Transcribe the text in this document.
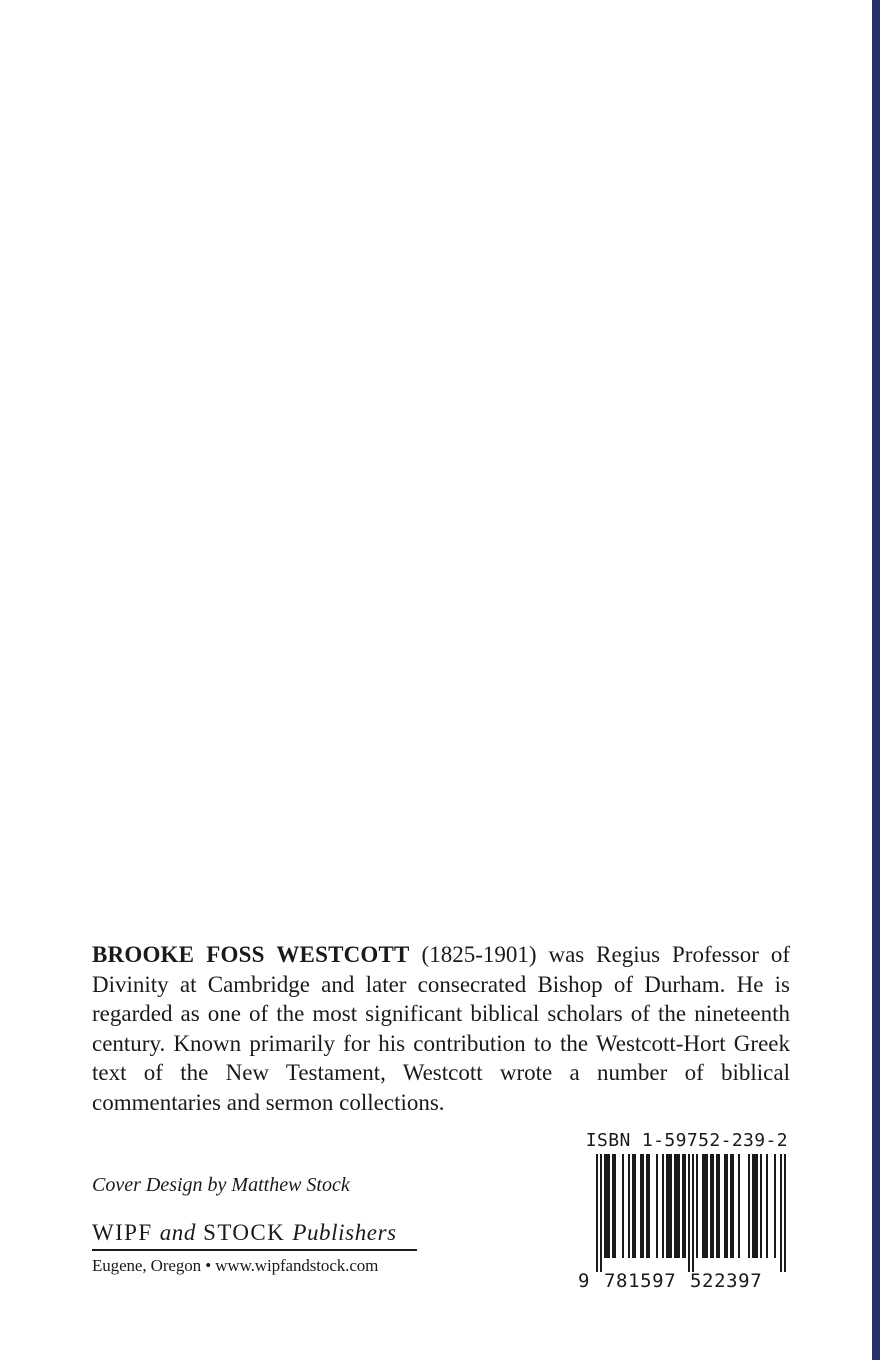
BROOKE FOSS WESTCOTT (1825-1901) was Regius Professor of Divinity at Cambridge and later consecrated Bishop of Durham. He is regarded as one of the most significant biblical scholars of the nineteenth century. Known primarily for his contribution to the Westcott-Hort Greek text of the New Testament, Westcott wrote a number of biblical commentaries and sermon collections.

Cover Design by Matthew Stock
WIPF and STOCK Publishers
Eugene, Oregon • www.wipfandstock.com
ISBN 1-59752-239-2
9 781597 522397
